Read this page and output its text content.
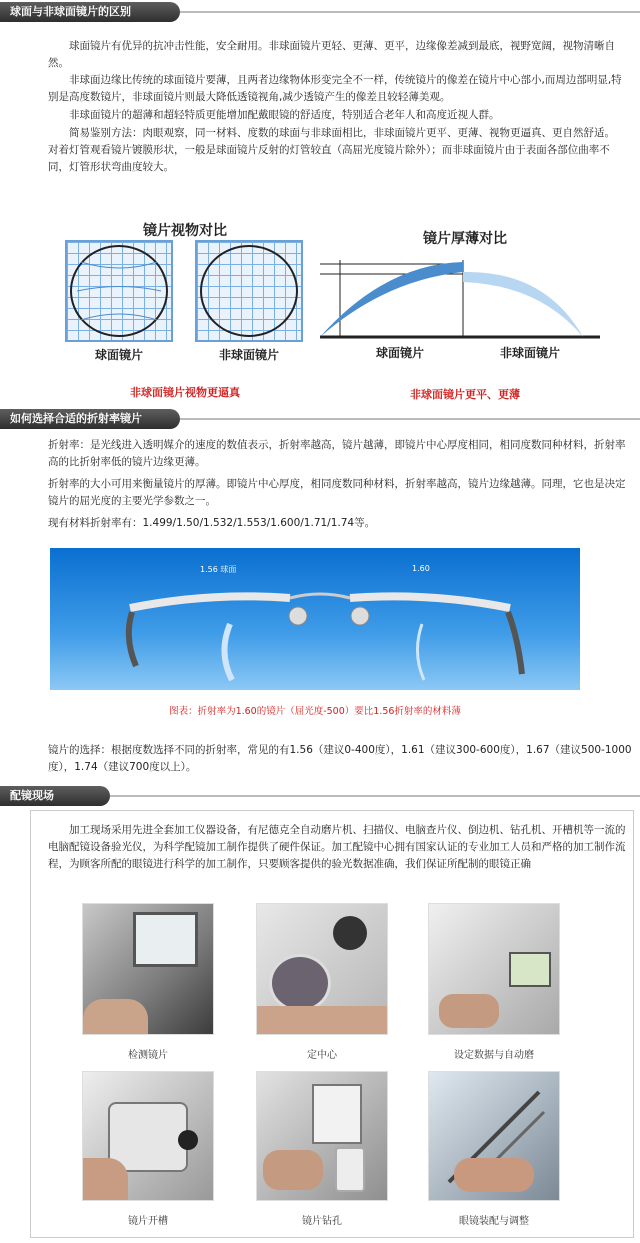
球面与非球面镜片的区别
球面镜片有优异的抗冲击性能，安全耐用。非球面镜片更轻、更薄、更平，边缘像差减到最底，视野宽阔，视物清晰自然。
非球面边缘比传统的球面镜片要薄，且两者边缘物体形变完全不一样，传统镜片的像差在镜片中心部小,而周边部明显,特别是高度数镜片，非球面镜片则最大降低透镜视角,减少透镜产生的像差且较轻薄美观。
非球面镜片的超薄和超轻特质更能增加配戴眼镜的舒适度，特别适合老年人和高度近视人群。
简易鉴别方法：肉眼观察，同一材料、度数的球面与非球面相比，非球面镜片更平、更薄、视物更逼真、更自然舒适。对着灯管观看镜片镀膜形状，一般是球面镜片反射的灯管较直（高屈光度镜片除外）；而非球面镜片由于表面各部位曲率不同，灯管形状弯曲度较大。
镜片视物对比
球面镜片	非球面镜片
非球面镜片视物更逼真
镜片厚薄对比
球面镜片	非球面镜片
非球面镜片更平、更薄
如何选择合适的折射率镜片
折射率：是光线进入透明媒介的速度的数值表示，折射率越高，镜片越薄，即镜片中心厚度相同，相同度数同种材料，折射率高的比折射率低的镜片边缘更薄。
折射率的大小可用来衡量镜片的厚薄。即镜片中心厚度，相同度数同种材料，折射率越高，镜片边缘越薄。同理，它也是决定镜片的屈光度的主要光学参数之一。
现有材料折射率有：1.499/1.50/1.532/1.553/1.600/1.71/1.74等。
1.56 球面	1.60
图表：折射率为1.60的镜片（屈光度-500）要比1.56折射率的材料薄
镜片的选择：根据度数选择不同的折射率，常见的有1.56（建议0-400度），1.61（建议300-600度），1.67（建议500-1000度），1.74（建议700度以上）。
配镜现场
加工现场采用先进全套加工仪器设备，有尼德克全自动磨片机、扫描仪、电脑查片仪、倒边机、钻孔机、开槽机等一流的电脑配镜设备验光仪，为科学配镜加工制作提供了硬件保证。加工配镜中心拥有国家认证的专业加工人员和严格的加工制作流程，为顾客所配的眼镜进行科学的加工制作，只要顾客提供的验光数据准确，我们保证所配制的眼镜正确
检测镜片	定中心	设定数据与自动磨
镜片开槽	镜片钻孔	眼镜装配与调整
